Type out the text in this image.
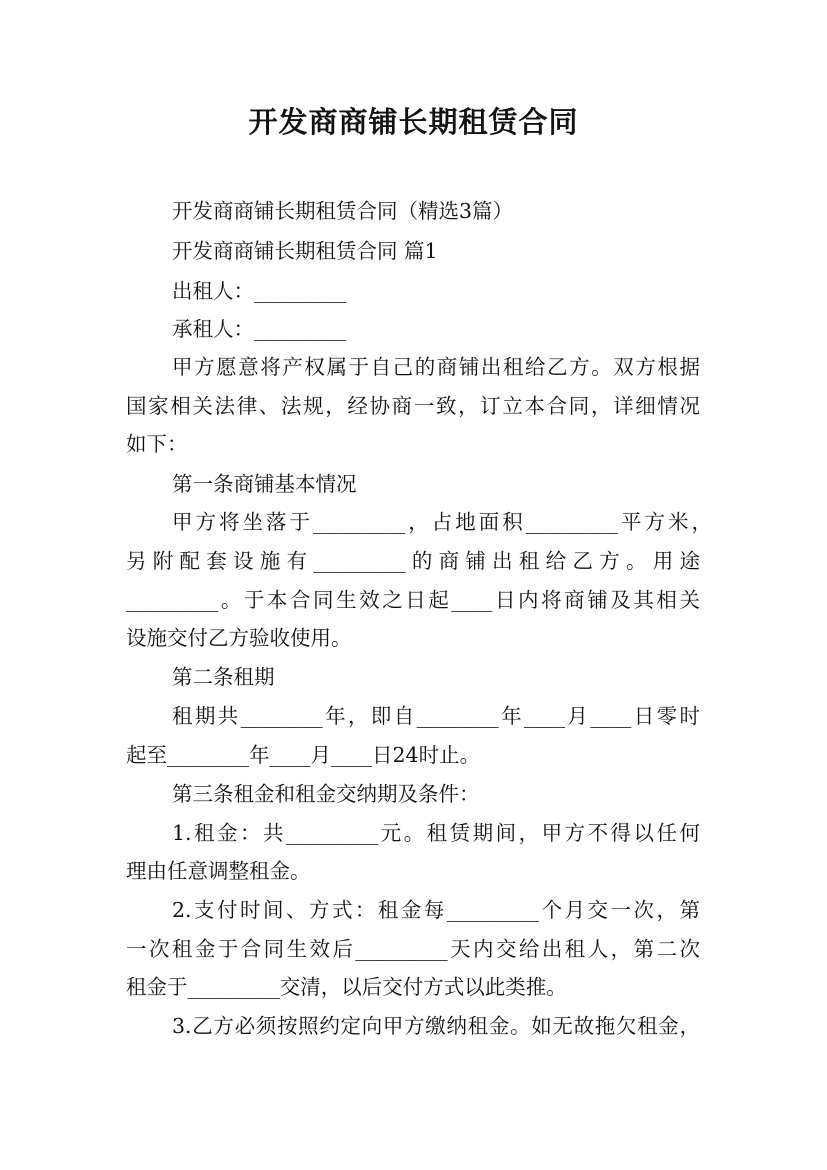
开发商商铺长期租赁合同
开发商商铺长期租赁合同（精选3篇）
开发商商铺长期租赁合同 篇1
出租人：_________
承租人：_________
甲方愿意将产权属于自己的商铺出租给乙方。双方根据
国家相关法律、法规，经协商一致，订立本合同，详细情况
如下：
第一条商铺基本情况
甲方将坐落于_________，占地面积_________平方米，
另附配套设施有_________的商铺出租给乙方。用途
_________。于本合同生效之日起____日内将商铺及其相关
设施交付乙方验收使用。
第二条租期
租期共________年，即自________年____月____日零时
起至________年____月____日24时止。
第三条租金和租金交纳期及条件：
1.租金：共_________元。租赁期间，甲方不得以任何
理由任意调整租金。
2.支付时间、方式：租金每_________个月交一次，第
一次租金于合同生效后_________天内交给出租人，第二次
租金于_________交清，以后交付方式以此类推。
3.乙方必须按照约定向甲方缴纳租金。如无故拖欠租金，
